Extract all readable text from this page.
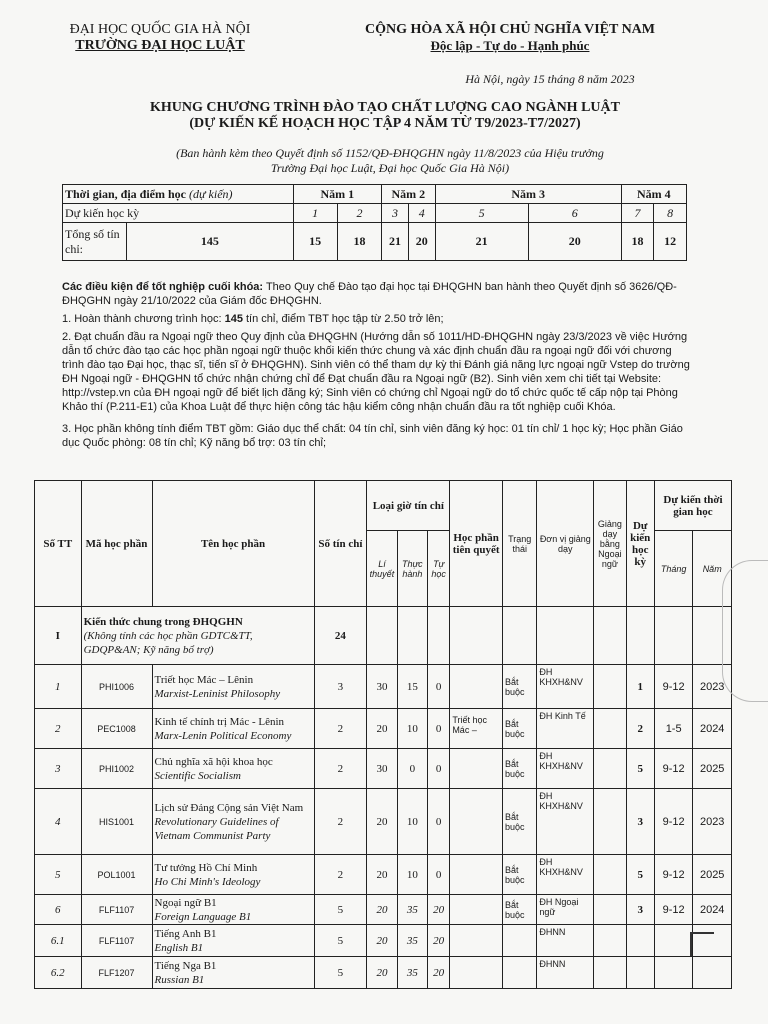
ĐẠI HỌC QUỐC GIA HÀ NỘI
TRƯỜNG ĐẠI HỌC LUẬT
CỘNG HÒA XÃ HỘI CHỦ NGHĨA VIỆT NAM
Độc lập - Tự do - Hạnh phúc
Hà Nội, ngày 15 tháng 8 năm 2023
KHUNG CHƯƠNG TRÌNH ĐÀO TẠO CHẤT LƯỢNG CAO NGÀNH LUẬT
(DỰ KIẾN KẾ HOẠCH HỌC TẬP 4 NĂM TỪ T9/2023-T7/2027)
(Ban hành kèm theo Quyết định số 1152/QĐ-ĐHQGHN ngày 11/8/2023 của Hiệu trưởng
Trường Đại học Luật, Đại học Quốc Gia Hà Nội)
Thời gian, địa điểm học (dự kiến)		Năm 1		Năm 2		Năm 3		Năm 4	
Dự kiến học kỳ		1	2	3	4	5	6	7	8
Tổng số tín chỉ:	145	15	18	21	20	21	20	18	12

Các điều kiện để tốt nghiệp cuối khóa: Theo Quy chế Đào tạo đại học tại ĐHQGHN ban hành theo Quyết định số 3626/QĐ-ĐHQGHN ngày 21/10/2022 của Giám đốc ĐHQGHN.

1. Hoàn thành chương trình học: 145 tín chỉ, điểm TBT học tập từ 2.50 trở lên;

2. Đạt chuẩn đầu ra Ngoại ngữ theo Quy định của ĐHQGHN (Hướng dẫn số 1011/HD-ĐHQGHN ngày 23/3/2023 về việc Hướng dẫn tổ chức đào tạo các học phần ngoại ngữ thuộc khối kiến thức chung và xác định chuẩn đầu ra ngoại ngữ đối với chương trình đào tạo Đại học, thạc sĩ, tiến sĩ ở ĐHQGHN). Sinh viên có thể tham dự kỳ thi Đánh giá năng lực ngoại ngữ Vstep do trường ĐH Ngoại ngữ - ĐHQGHN tổ chức nhận chứng chỉ để Đạt chuẩn đầu ra Ngoại ngữ (B2). Sinh viên xem chi tiết tại Website: http://vstep.vn của ĐH ngoại ngữ để biết lịch đăng ký; Sinh viên có chứng chỉ Ngoại ngữ do tổ chức quốc tế cấp nộp tại Phòng Khảo thí (P.211-E1) của Khoa Luật để thực hiện công tác hậu kiểm công nhận chuẩn đầu ra tốt nghiệp cuối Khóa.

3. Học phần không tính điểm TBT gồm: Giáo dục thể chất: 04 tín chỉ, sinh viên đăng ký học: 01 tín chỉ/ 1 học kỳ; Học phần Giáo dục Quốc phòng: 08 tín chỉ; Kỹ năng bổ trợ: 03 tín chỉ;

Số TT	Mã học phần	Tên học phần	Số tín chỉ	Loại giờ tín chỉ			Học phần tiên quyết	Trạng thái	Đơn vị giảng dạy	Giảng dạy bằng Ngoại ngữ	Dự kiến học kỳ	Dự kiến thời gian học	
				Lí thuyết	Thực hành	Tự học						Tháng	Năm
I	Kiến thức chung trong ĐHQGHN
(Không tính các học phần GDTC&TT, GDQP&AN; Kỹ năng bổ trợ)		24										
1	PHI1006	Triết học Mác – Lênin
Marxist-Leninist Philosophy	3	30	15	0		Bắt buộc	ĐH KHXH&NV		1	9-12	2023
2	PEC1008	Kinh tế chính trị Mác - Lênin
Marx-Lenin Political Economy	2	20	10	0	Triết học Mác –	Bắt buộc	ĐH Kinh Tế		2	1-5	2024
3	PHI1002	Chủ nghĩa xã hội khoa học
Scientific Socialism	2	30	0	0		Bắt buộc	ĐH KHXH&NV		5	9-12	2025
4	HIS1001	Lịch sử Đảng Cộng sản Việt Nam
Revolutionary Guidelines of Vietnam Communist Party	2	20	10	0		Bắt buộc	ĐH KHXH&NV		3	9-12	2023
5	POL1001	Tư tưởng Hồ Chí Minh
Ho Chi Minh's Ideology	2	20	10	0		Bắt buộc	ĐH KHXH&NV		5	9-12	2025
6	FLF1107	Ngoại ngữ B1
Foreign Language B1	5	20	35	20		Bắt buộc	ĐH Ngoại ngữ		3	9-12	2024
6.1	FLF1107	Tiếng Anh B1
English B1	5	20	35	20			ĐHNN				
6.2	FLF1207	Tiếng Nga B1
Russian B1	5	20	35	20			ĐHNN				
